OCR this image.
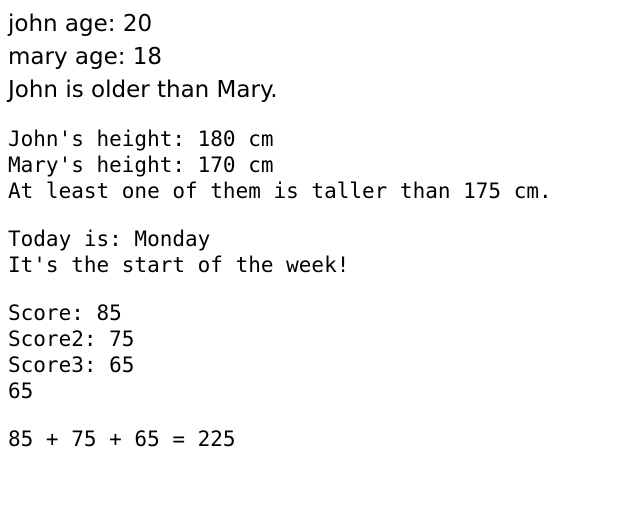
john age: 20
mary age: 18
John is older than Mary.
John's height: 180 cm
Mary's height: 170 cm
At least one of them is taller than 175 cm.
Today is: Monday
It's the start of the week!
Score: 85
Score2: 75
Score3: 65
65
85 + 75 + 65 = 225
